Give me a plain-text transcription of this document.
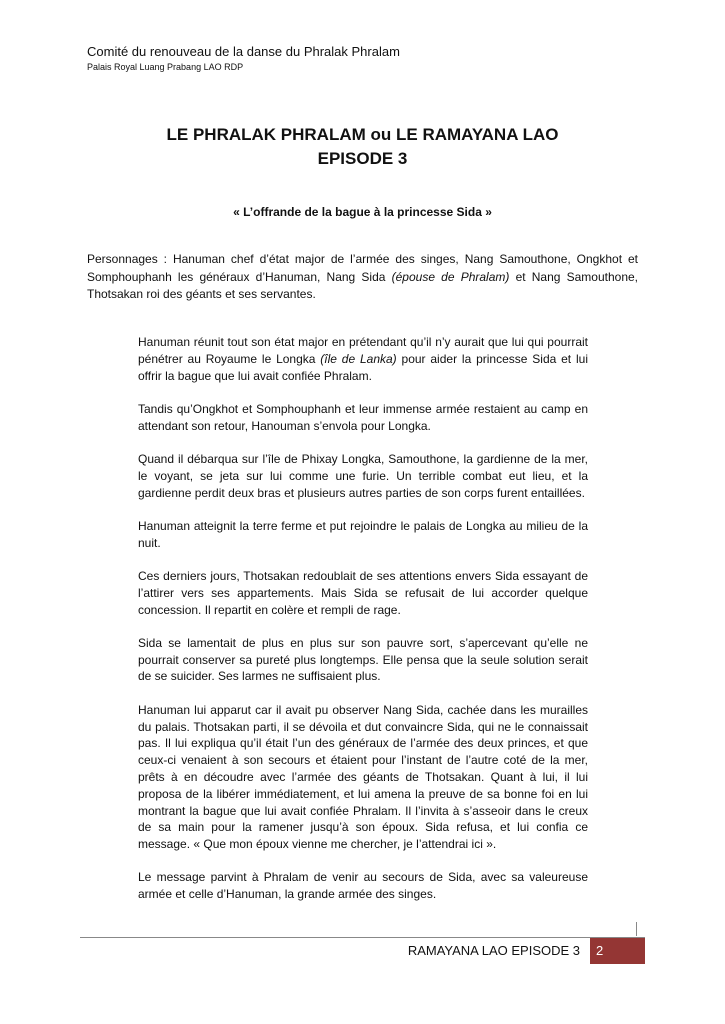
Comité du renouveau de la danse du Phralak Phralam
Palais Royal Luang Prabang LAO RDP
LE PHRALAK PHRALAM ou LE RAMAYANA LAO
EPISODE 3
« L’offrande de la bague à la princesse Sida »
Personnages : Hanuman chef d’état major de l’armée des singes, Nang Samouthone, Ongkhot et Somphouphanh les généraux d’Hanuman, Nang Sida (épouse de Phralam) et Nang Samouthone, Thotsakan roi des géants et ses servantes.

Hanuman réunit tout son état major en prétendant qu’il n’y aurait que lui qui pourrait pénétrer au Royaume le Longka (île de Lanka) pour aider la princesse Sida et lui offrir la bague que lui avait confiée Phralam.

Tandis qu’Ongkhot et Somphouphanh et leur immense armée restaient au camp en attendant son retour, Hanouman s’envola pour Longka.

Quand il débarqua sur l’île de Phixay Longka, Samouthone, la gardienne de la mer, le voyant, se jeta sur lui comme une furie. Un terrible combat eut lieu, et la gardienne perdit deux bras et plusieurs autres parties de son corps furent entaillées.

Hanuman atteignit la terre ferme et put rejoindre le palais de Longka au milieu de la nuit.

Ces derniers jours, Thotsakan redoublait de ses attentions envers Sida essayant de l’attirer vers ses appartements. Mais Sida se refusait de lui accorder quelque concession. Il repartit en colère et rempli de rage.

Sida se lamentait de plus en plus sur son pauvre sort, s’apercevant qu’elle ne pourrait conserver sa pureté plus longtemps. Elle pensa que la seule solution serait de se suicider. Ses larmes ne suffisaient plus.

Hanuman lui apparut car il avait pu observer Nang Sida, cachée dans les murailles du palais. Thotsakan parti, il se dévoila et dut convaincre Sida, qui ne le connaissait pas. Il lui expliqua qu’il était l’un des généraux de l’armée des deux princes, et que ceux-ci venaient à son secours et étaient pour l’instant de l’autre coté de la mer, prêts à en découdre avec l’armée des géants de Thotsakan. Quant à lui, il lui proposa de la libérer immédiatement, et lui amena la preuve de sa bonne foi en lui montrant la bague que lui avait confiée Phralam. Il l’invita à s’asseoir dans le creux de sa main pour la ramener jusqu’à son époux. Sida refusa, et lui confia ce message. « Que mon époux vienne me chercher, je l’attendrai ici ».

Le message parvint à Phralam de venir au secours de Sida, avec sa valeureuse armée et celle d’Hanuman, la grande armée des singes.

RAMAYANA LAO EPISODE 3	2
